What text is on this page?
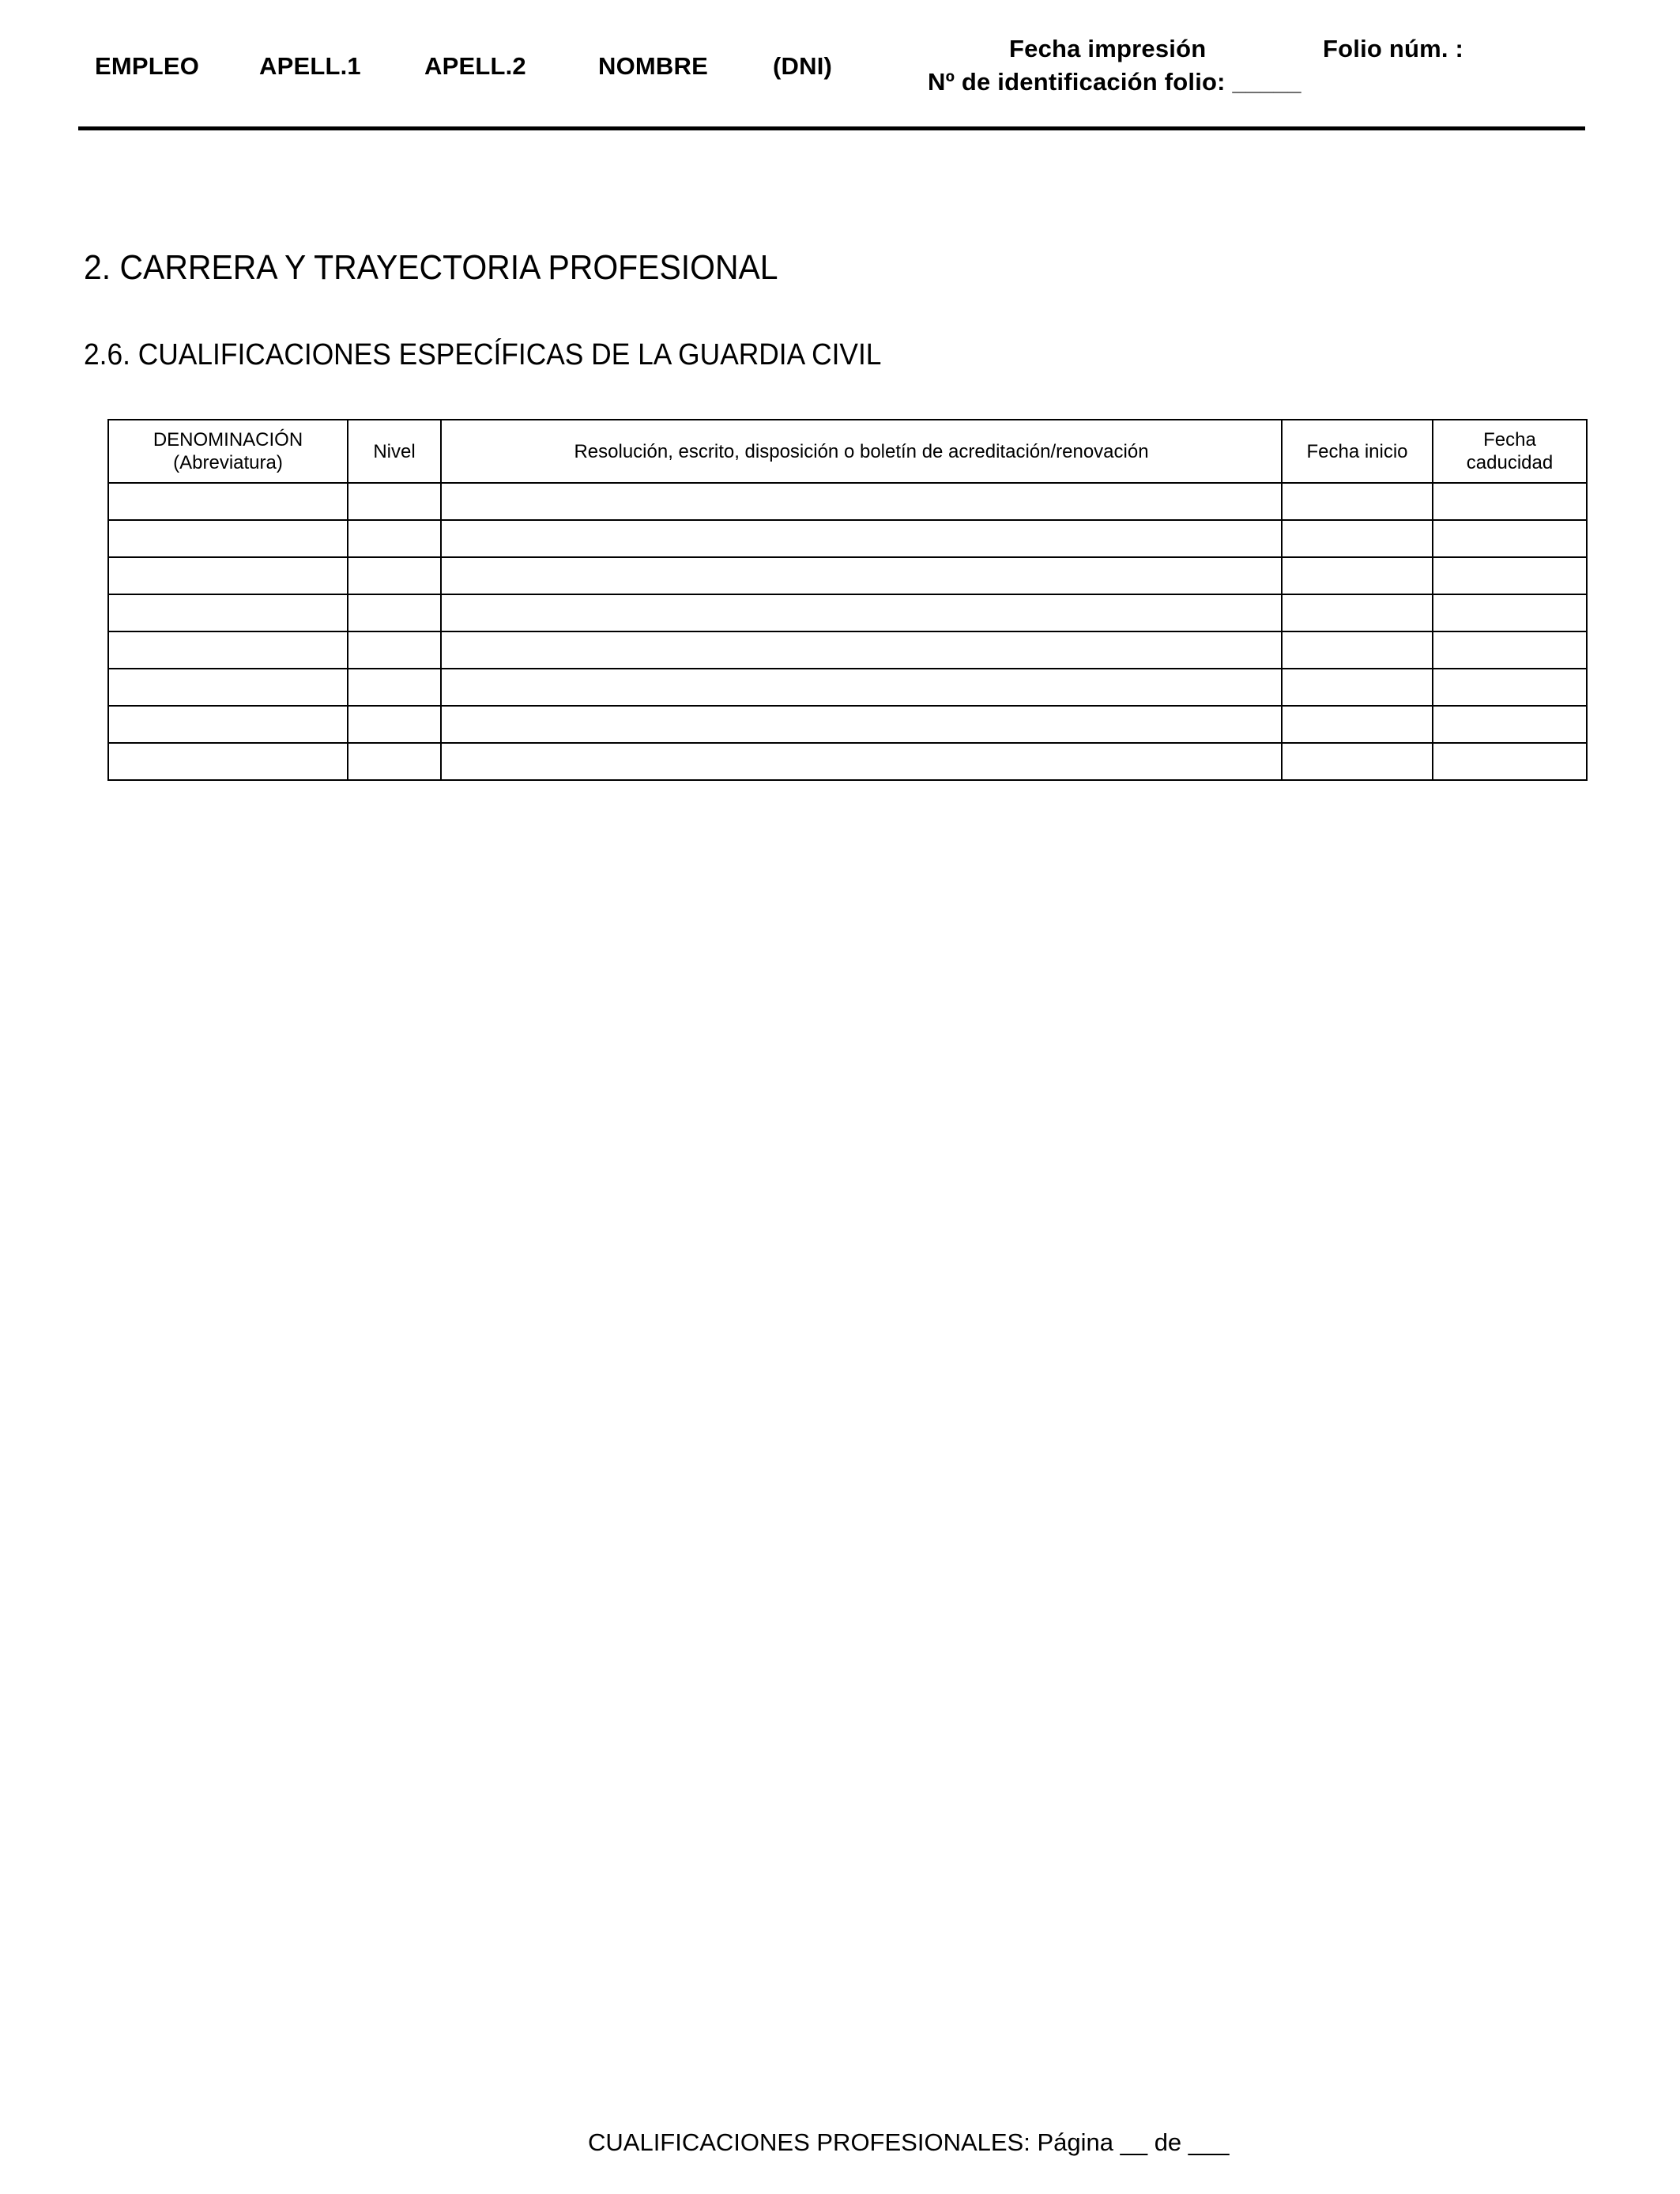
EMPLEO APELL.1	APELL.2	NOMBRE	(DNI)
Fecha impresión
Nº de identificación folio: _____
Folio núm. :
2. CARRERA Y TRAYECTORIA PROFESIONAL
2.6. CUALIFICACIONES ESPECÍFICAS DE LA GUARDIA CIVIL
DENOMINACIÓN
(Abreviatura)	Nivel	Resolución, escrito, disposición o boletín de acreditación/renovación	Fecha inicio	Fecha
caducidad

CUALIFICACIONES PROFESIONALES: Página __ de ___
